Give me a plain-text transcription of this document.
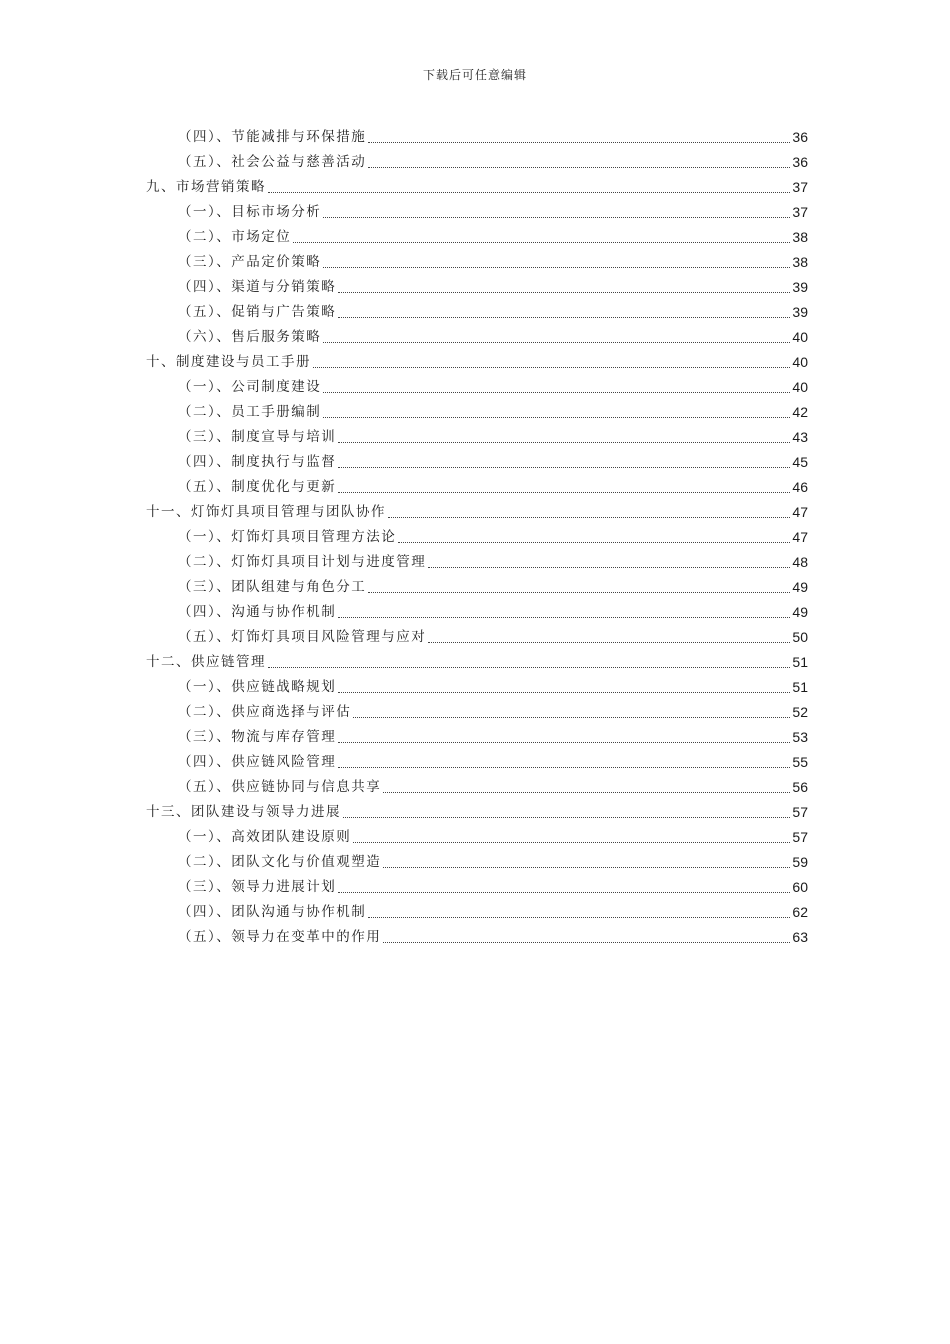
下载后可任意编辑
（四）、节能减排与环保措施	36
（五）、社会公益与慈善活动	36
九、市场营销策略	37
（一）、目标市场分析	37
（二）、市场定位	38
（三）、产品定价策略	38
（四）、渠道与分销策略	39
（五）、促销与广告策略	39
（六）、售后服务策略	40
十、制度建设与员工手册	40
（一）、公司制度建设	40
（二）、员工手册编制	42
（三）、制度宣导与培训	43
（四）、制度执行与监督	45
（五）、制度优化与更新	46
十一、灯饰灯具项目管理与团队协作	47
（一）、灯饰灯具项目管理方法论	47
（二）、灯饰灯具项目计划与进度管理	48
（三）、团队组建与角色分工	49
（四）、沟通与协作机制	49
（五）、灯饰灯具项目风险管理与应对	50
十二、供应链管理	51
（一）、供应链战略规划	51
（二）、供应商选择与评估	52
（三）、物流与库存管理	53
（四）、供应链风险管理	55
（五）、供应链协同与信息共享	56
十三、团队建设与领导力进展	57
（一）、高效团队建设原则	57
（二）、团队文化与价值观塑造	59
（三）、领导力进展计划	60
（四）、团队沟通与协作机制	62
（五）、领导力在变革中的作用	63
